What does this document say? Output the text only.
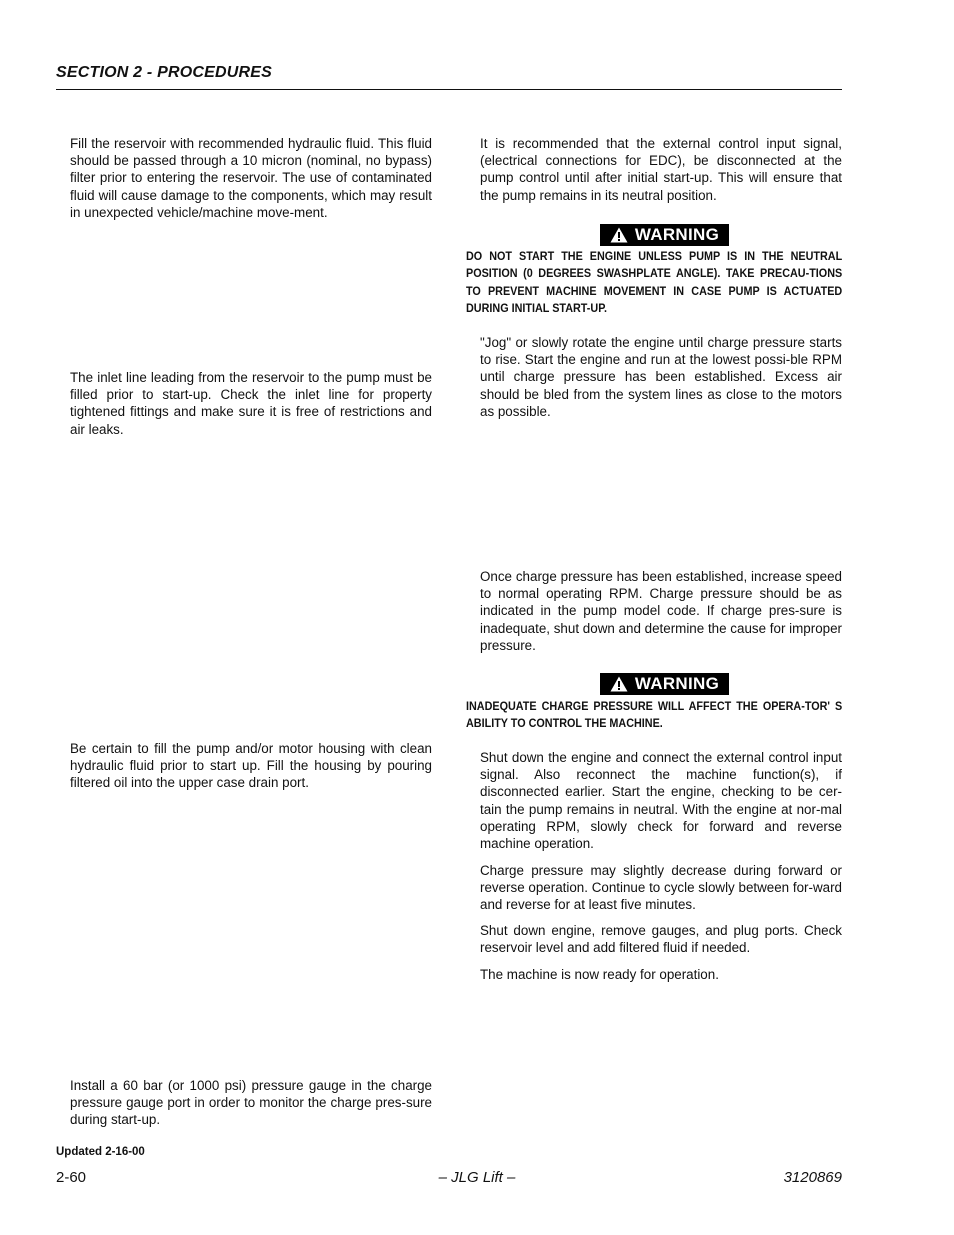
SECTION 2 - PROCEDURES

Fill the reservoir with recommended hydraulic fluid. This fluid should be passed through a 10 micron (nominal, no bypass) filter prior to entering the reservoir. The use of contaminated fluid will cause damage to the components, which may result in unexpected vehicle/machine move-ment.

The inlet line leading from the reservoir to the pump must be filled prior to start-up. Check the inlet line for property tightened fittings and make sure it is free of restrictions and air leaks.

Be certain to fill the pump and/or motor housing with clean hydraulic fluid prior to start up. Fill the housing by pouring filtered oil into the upper case drain port.

Install a 60 bar (or 1000 psi) pressure gauge in the charge pressure gauge port in order to monitor the charge pres-sure during start-up.

It is recommended that the external control input signal, (electrical connections for EDC), be disconnected at the pump control until after initial start-up. This will ensure that the pump remains in its neutral position.

WARNING

DO NOT START THE ENGINE UNLESS PUMP IS IN THE NEUTRAL POSITION (0 DEGREES SWASHPLATE ANGLE). TAKE PRECAU-TIONS TO PREVENT MACHINE MOVEMENT IN CASE PUMP IS ACTUATED DURING INITIAL START-UP.

"Jog" or slowly rotate the engine until charge pressure starts to rise. Start the engine and run at the lowest possi-ble RPM until charge pressure has been established. Excess air should be bled from the system lines as close to the motors as possible.

Once charge pressure has been established, increase speed to normal operating RPM. Charge pressure should be as indicated in the pump model code. If charge pres-sure is inadequate, shut down and determine the cause for improper pressure.

WARNING

INADEQUATE CHARGE PRESSURE WILL AFFECT THE OPERA-TOR' S ABILITY TO CONTROL THE MACHINE.

Shut down the engine and connect the external control input signal. Also reconnect the machine function(s), if disconnected earlier. Start the engine, checking to be cer-tain the pump remains in neutral. With the engine at nor-mal operating RPM, slowly check for forward and reverse machine operation.

Charge pressure may slightly decrease during forward or reverse operation. Continue to cycle slowly between for-ward and reverse for at least five minutes.

Shut down engine, remove gauges, and plug ports. Check reservoir level and add filtered fluid if needed.

The machine is now ready for operation.

Updated 2-16-00
2-60	– JLG Lift –	3120869
